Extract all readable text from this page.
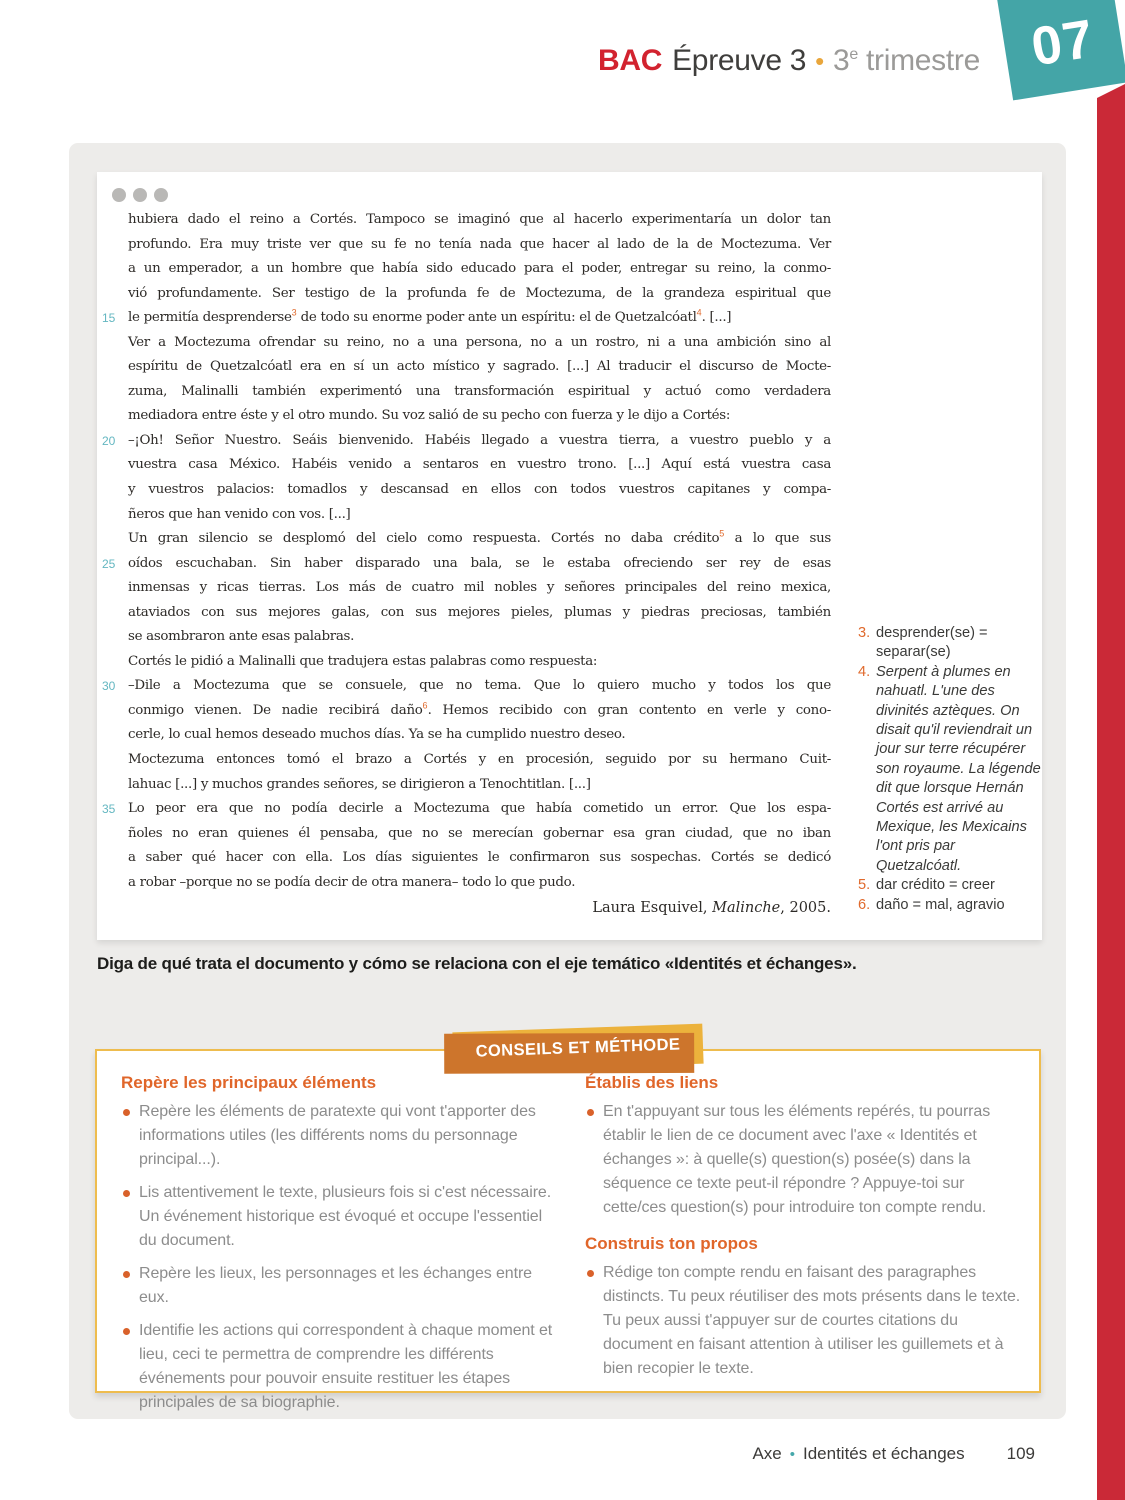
BAC Épreuve 3 • 3e trimestre 07
hubiera dado el reino a Cortés. Tampoco se imaginó que al hacerlo experimentaría un dolor tan
profundo. Era muy triste ver que su fe no tenía nada que hacer al lado de la de Moctezuma. Ver
a un emperador, a un hombre que había sido educado para el poder, entregar su reino, la conmo-
vió profundamente. Ser testigo de la profunda fe de Moctezuma, de la grandeza espiritual que
15 le permitía desprenderse$^3$ de todo su enorme poder ante un espíritu: el de Quetzalcóatl$^4$. [...]
Ver a Moctezuma ofrendar su reino, no a una persona, no a un rostro, ni a una ambición sino al
espíritu de Quetzalcóatl era en sí un acto místico y sagrado. [...] Al traducir el discurso de Mocte-
zuma, Malinalli también experimentó una transformación espiritual y actuó como verdadera
mediadora entre éste y el otro mundo. Su voz salió de su pecho con fuerza y le dijo a Cortés:
20 –¡Oh! Señor Nuestro. Seáis bienvenido. Habéis llegado a vuestra tierra, a vuestro pueblo y a
vuestra casa México. Habéis venido a sentaros en vuestro trono. [...] Aquí está vuestra casa
y vuestros palacios: tomadlos y descansad en ellos con todos vuestros capitanes y compa-
ñeros que han venido con vos. [...]
Un gran silencio se desplomó del cielo como respuesta. Cortés no daba crédito$^5$ a lo que sus
25 oídos escuchaban. Sin haber disparado una bala, se le estaba ofreciendo ser rey de esas
inmensas y ricas tierras. Los más de cuatro mil nobles y señores principales del reino mexica,
ataviados con sus mejores galas, con sus mejores pieles, plumas y piedras preciosas, también
se asombraron ante esas palabras.
Cortés le pidió a Malinalli que tradujera estas palabras como respuesta:
30 –Dile a Moctezuma que se consuele, que no tema. Que lo quiero mucho y todos los que
conmigo vienen. De nadie recibirá daño$^6$. Hemos recibido con gran contento en verle y cono-
cerle, lo cual hemos deseado muchos días. Ya se ha cumplido nuestro deseo.
Moctezuma entonces tomó el brazo a Cortés y en procesión, seguido por su hermano Cuit-
lahuac [...] y muchos grandes señores, se dirigieron a Tenochtitlan. [...]
35 Lo peor era que no podía decirle a Moctezuma que había cometido un error. Que los espa-
ñoles no eran quienes él pensaba, que no se merecían gobernar esa gran ciudad, que no iban
a saber qué hacer con ella. Los días siguientes le confirmaron sus sospechas. Cortés se dedicó
a robar –porque no se podía decir de otra manera– todo lo que pudo.
Laura Esquivel, Malinche, 2005.
3. desprender(se) = separar(se)
4. Serpent à plumes en nahuatl. L'une des divinités aztèques. On disait qu'il reviendrait un jour sur terre récupérer son royaume. La légende dit que lorsque Hernán Cortés est arrivé au Mexique, les Mexicains l'ont pris par Quetzalcóatl.
5. dar crédito = creer
6. daño = mal, agravio
Diga de qué trata el documento y cómo se relaciona con el eje temático «Identités et échanges».
CONSEILS ET MÉTHODE
Repère les principaux éléments
Repère les éléments de paratexte qui vont t'apporter des informations utiles (les différents noms du personnage principal...).
Lis attentivement le texte, plusieurs fois si c'est nécessaire. Un événement historique est évoqué et occupe l'essentiel du document.
Repère les lieux, les personnages et les échanges entre eux.
Identifie les actions qui correspondent à chaque moment et lieu, ceci te permettra de comprendre les différents événements pour pouvoir ensuite restituer les étapes principales de sa biographie.
Établis des liens
En t'appuyant sur tous les éléments repérés, tu pourras établir le lien de ce document avec l'axe « Identités et échanges »: à quelle(s) question(s) posée(s) dans la séquence ce texte peut-il répondre ? Appuye-toi sur cette/ces question(s) pour introduire ton compte rendu.
Construis ton propos
Rédige ton compte rendu en faisant des paragraphes distincts. Tu peux réutiliser des mots présents dans le texte. Tu peux aussi t'appuyer sur de courtes citations du document en faisant attention à utiliser les guillemets et à bien recopier le texte.
Axe • Identités et échanges 109
